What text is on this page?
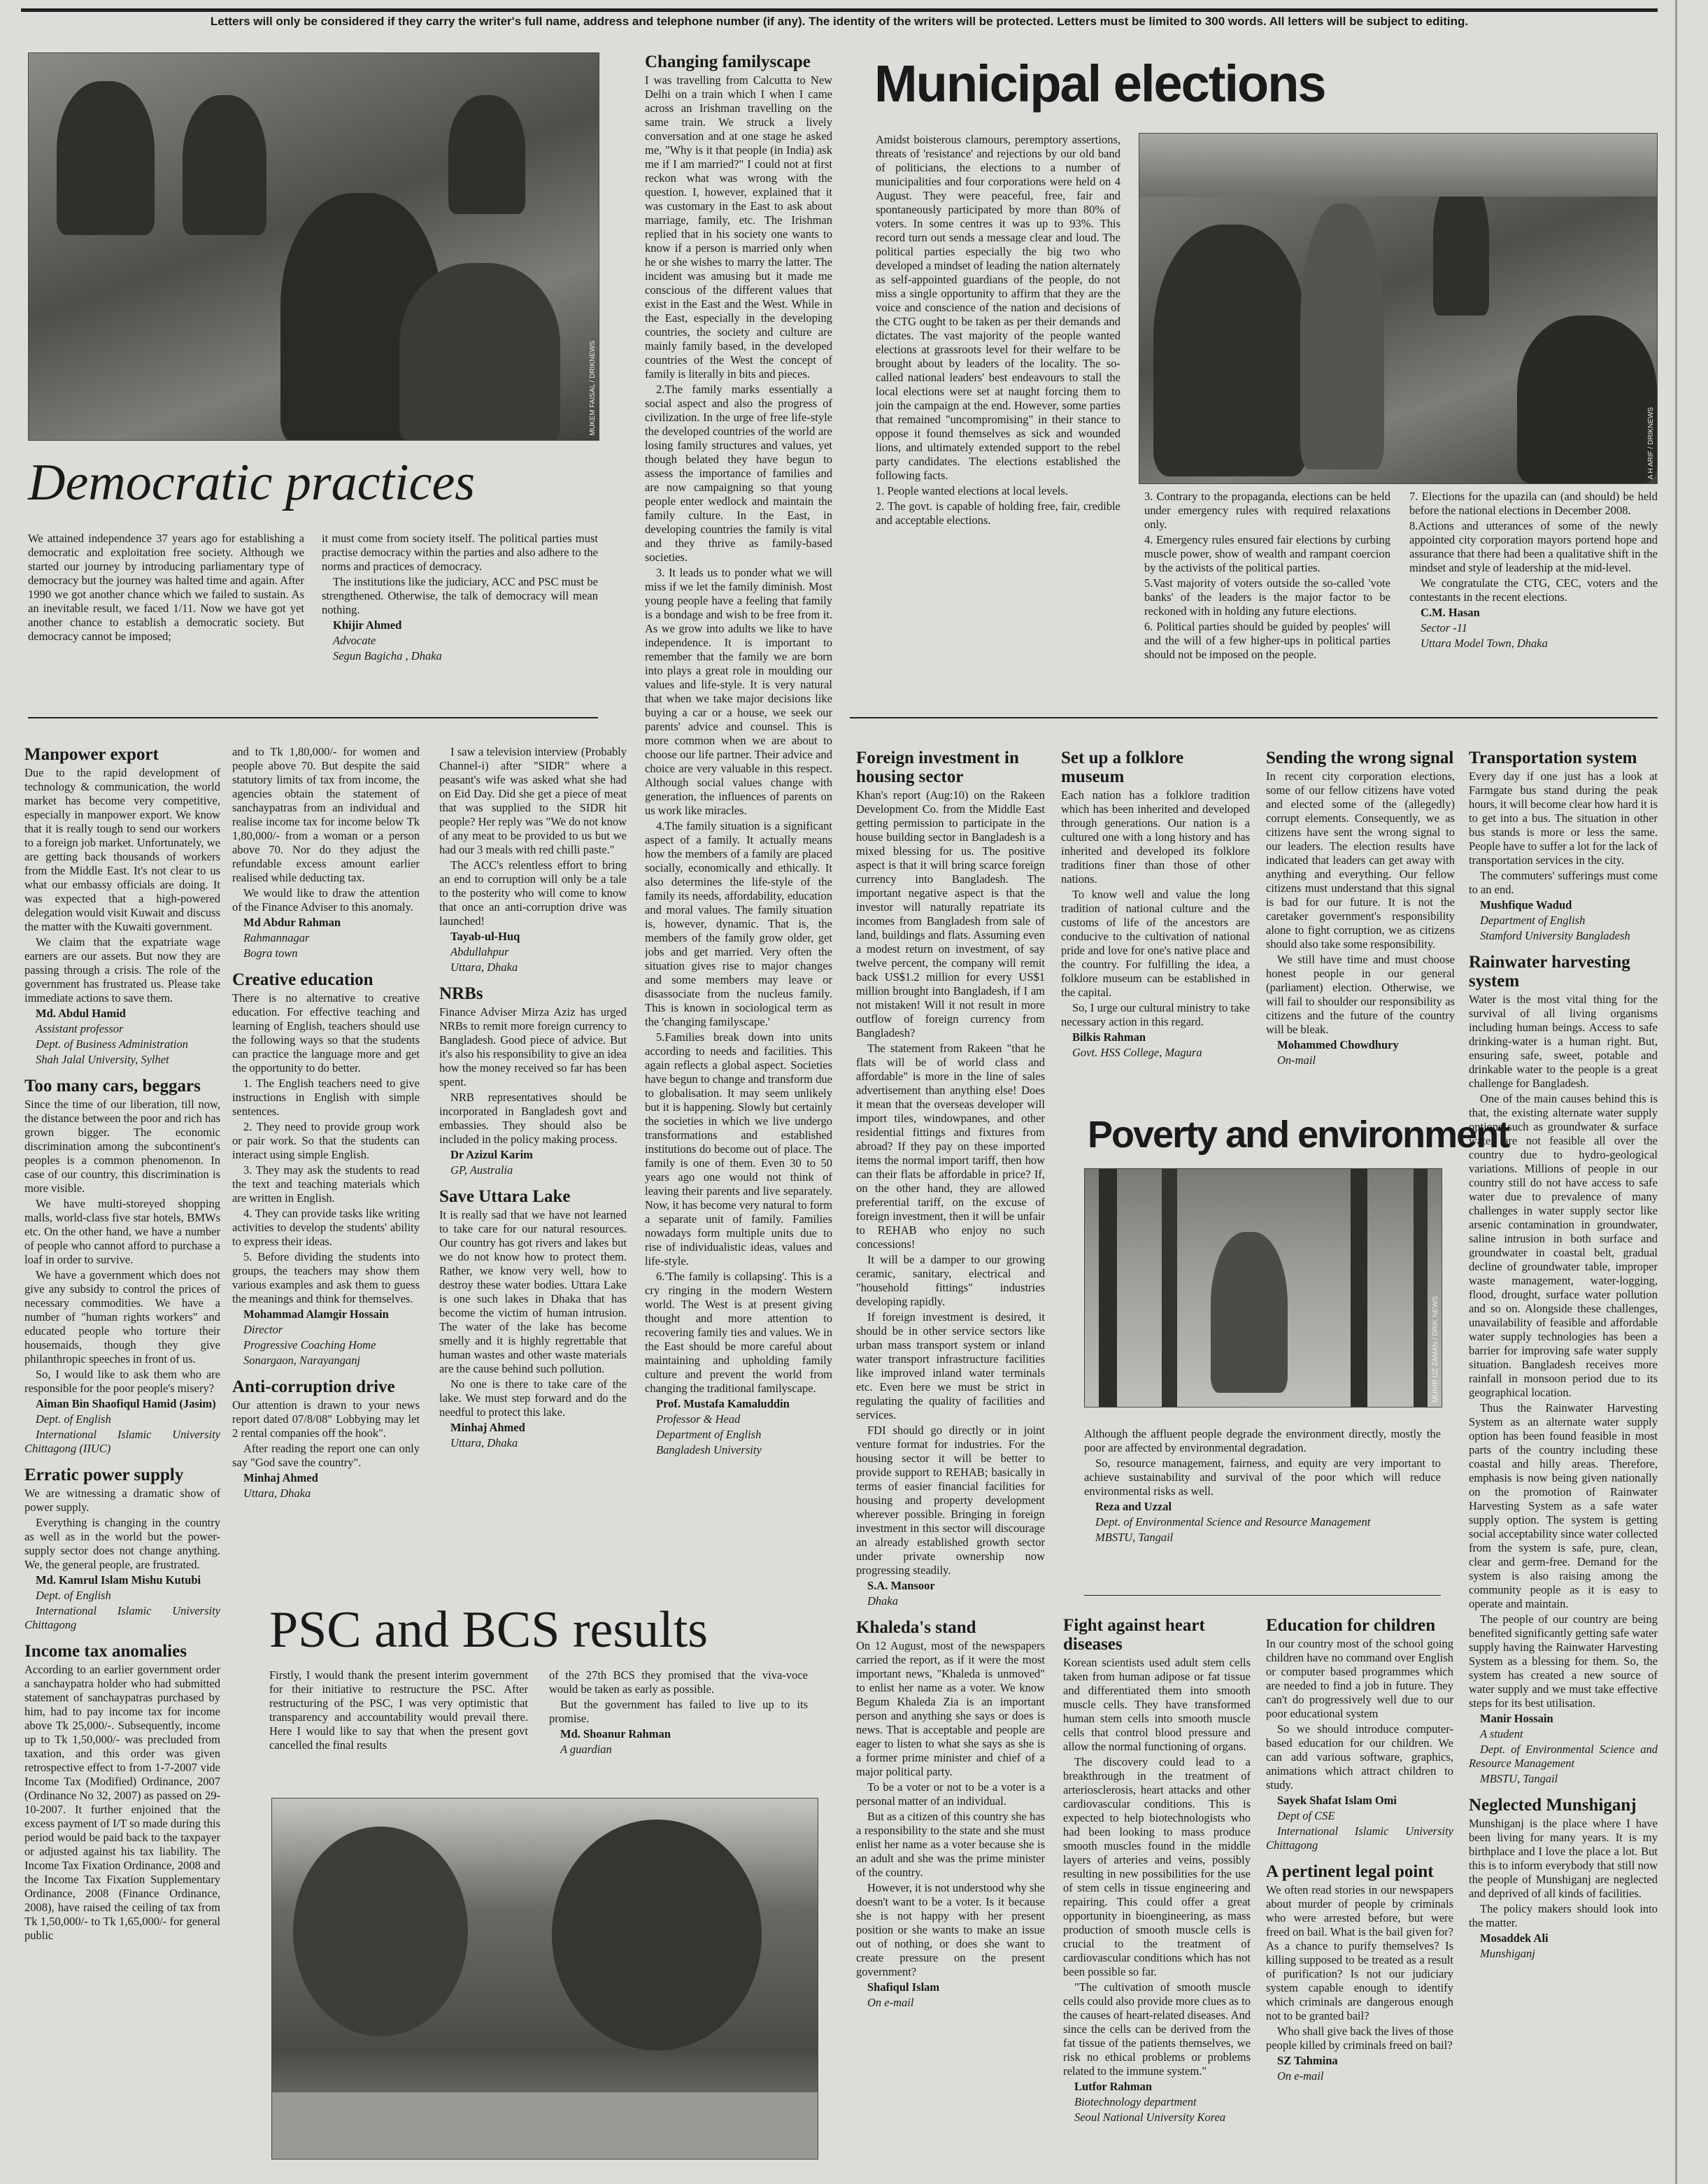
Letters will only be considered if they carry the writer's full name, address and telephone number (if any). The identity of the writers will be protected. Letters must be limited to 300 words. All letters will be subject to editing.
MUKEM FAISAL / DRIKNEWS
Democratic practices

We attained independence 37 years ago for establishing a democratic and exploitation free society. Although we started our journey by introducing parliamentary type of democracy but the journey was halted time and again. After 1990 we got another chance which we failed to sustain. As an inevitable result, we faced 1/11. Now we have got yet another chance to establish a democratic society. But democracy cannot be imposed;

it must come from society itself. The political parties must practise democracy within the parties and also adhere to the norms and practices of democracy.

The institutions like the judiciary, ACC and PSC must be strengthened. Otherwise, the talk of democracy will mean nothing.

Khijir Ahmed

Advocate

Segun Bagicha , Dhaka

Changing familyscape

I was travelling from Calcutta to New Delhi on a train which I when I came across an Irishman travelling on the same train. We struck a lively conversation and at one stage he asked me, "Why is it that people (in India) ask me if I am married?" I could not at first reckon what was wrong with the question. I, however, explained that it was customary in the East to ask about marriage, family, etc. The Irishman replied that in his society one wants to know if a person is married only when he or she wishes to marry the latter. The incident was amusing but it made me conscious of the different values that exist in the East and the West. While in the East, especially in the developing countries, the society and culture are mainly family based, in the developed countries of the West the concept of family is literally in bits and pieces.

2.The family marks essentially a social aspect and also the progress of civilization. In the urge of free life-style the developed countries of the world are losing family structures and values, yet though belated they have begun to assess the importance of families and are now campaigning so that young people enter wedlock and maintain the family culture. In the East, in developing countries the family is vital and they thrive as family-based societies.

3. It leads us to ponder what we will miss if we let the family diminish. Most young people have a feeling that family is a bondage and wish to be free from it. As we grow into adults we like to have independence. It is important to remember that the family we are born into plays a great role in moulding our values and life-style. It is very natural that when we take major decisions like buying a car or a house, we seek our parents' advice and counsel. This is more common when we are about to choose our life partner. Their advice and choice are very valuable in this respect. Although social values change with generation, the influences of parents on us work like miracles.

4.The family situation is a significant aspect of a family. It actually means how the members of a family are placed socially, economically and ethically. It also determines the life-style of the family its needs, affordability, education and moral values. The family situation is, however, dynamic. That is, the members of the family grow older, get jobs and get married. Very often the situation gives rise to major changes and some members may leave or disassociate from the nucleus family. This is known in sociological term as the 'changing familyscape.'

5.Families break down into units according to needs and facilities. This again reflects a global aspect. Societies have begun to change and transform due to globalisation. It may seem unlikely but it is happening. Slowly but certainly the societies in which we live undergo transformations and established institutions do become out of place. The family is one of them. Even 30 to 50 years ago one would not think of leaving their parents and live separately. Now, it has become very natural to form a separate unit of family. Families nowadays form multiple units due to rise of individualistic ideas, values and life-style.

6.'The family is collapsing'. This is a cry ringing in the modern Western world. The West is at present giving thought and more attention to recovering family ties and values. We in the East should be more careful about maintaining and upholding family culture and prevent the world from changing the traditional familyscape.

Prof. Mustafa Kamaluddin

Professor & Head

Department of English

Bangladesh University

Municipal elections
A H ARIF / DRIKNEWS

Amidst boisterous clamours, peremptory assertions, threats of 'resistance' and rejections by our old band of politicians, the elections to a number of municipalities and four corporations were held on 4 August. They were peaceful, free, fair and spontaneously participated by more than 80% of voters. In some centres it was up to 93%. This record turn out sends a message clear and loud. The political parties especially the big two who developed a mindset of leading the nation alternately as self-appointed guardians of the people, do not miss a single opportunity to affirm that they are the voice and conscience of the nation and decisions of the CTG ought to be taken as per their demands and dictates. The vast majority of the people wanted elections at grassroots level for their welfare to be brought about by leaders of the locality. The so-called national leaders' best endeavours to stall the local elections were set at naught forcing them to join the campaign at the end. However, some parties that remained "uncompromising" in their stance to oppose it found themselves as sick and wounded lions, and ultimately extended support to the rebel party candidates. The elections established the following facts.

1. People wanted elections at local levels.

2. The govt. is capable of holding free, fair, credible and acceptable elections.

3. Contrary to the propaganda, elections can be held under emergency rules with required relaxations only.

4. Emergency rules ensured fair elections by curbing muscle power, show of wealth and rampant coercion by the activists of the political parties.

5.Vast majority of voters outside the so-called 'vote banks' of the leaders is the major factor to be reckoned with in holding any future elections.

6. Political parties should be guided by peoples' will and the will of a few higher-ups in political parties should not be imposed on the people.

7. Elections for the upazila can (and should) be held before the national elections in December 2008.

8.Actions and utterances of some of the newly appointed city corporation mayors portend hope and assurance that there had been a qualitative shift in the mindset and style of leadership at the mid-level.

We congratulate the CTG, CEC, voters and the contestants in the recent elections.

C.M. Hasan

Sector -11

Uttara Model Town, Dhaka

Manpower export

Due to the rapid development of technology & communication, the world market has become very competitive, especially in manpower export. We know that it is really tough to send our workers to a foreign job market. Unfortunately, we are getting back thousands of workers from the Middle East. It's not clear to us what our embassy officials are doing. It was expected that a high-powered delegation would visit Kuwait and discuss the matter with the Kuwaiti government.

We claim that the expatriate wage earners are our assets. But now they are passing through a crisis. The role of the government has frustrated us. Please take immediate actions to save them.

Md. Abdul Hamid

Assistant professor

Dept. of Business Administration

Shah Jalal University, Sylhet

Too many cars, beggars

Since the time of our liberation, till now, the distance between the poor and rich has grown bigger. The economic discrimination among the subcontinent's peoples is a common phenomenon. In case of our country, this discrimination is more visible.

We have multi-storeyed shopping malls, world-class five star hotels, BMWs etc. On the other hand, we have a number of people who cannot afford to purchase a loaf in order to survive.

We have a government which does not give any subsidy to control the prices of necessary commodities. We have a number of "human rights workers" and educated people who torture their housemaids, though they give philanthropic speeches in front of us.

So, I would like to ask them who are responsible for the poor people's misery?

Aiman Bin Shaofiqul Hamid (Jasim)

Dept. of English

International Islamic University Chittagong (IIUC)

Erratic power supply

We are witnessing a dramatic show of power supply.

Everything is changing in the country as well as in the world but the power-supply sector does not change anything. We, the general people, are frustrated.

Md. Kamrul Islam Mishu Kutubi

Dept. of English

International Islamic University Chittagong

Income tax anomalies

According to an earlier government order a sanchaypatra holder who had submitted statement of sanchaypatras purchased by him, had to pay income tax for income above Tk 25,000/-. Subsequently, income up to Tk 1,50,000/- was precluded from taxation, and this order was given retrospective effect to from 1-7-2007 vide Income Tax (Modified) Ordinance, 2007 (Ordinance No 32, 2007) as passed on 29-10-2007. It further enjoined that the excess payment of I/T so made during this period would be paid back to the taxpayer or adjusted against his tax liability. The Income Tax Fixation Ordinance, 2008 and the Income Tax Fixation Supplementary Ordinance, 2008 (Finance Ordinance, 2008), have raised the ceiling of tax from Tk 1,50,000/- to Tk 1,65,000/- for general public

and to Tk 1,80,000/- for women and people above 70. But despite the said statutory limits of tax from income, the agencies obtain the statement of sanchaypatras from an individual and realise income tax for income below Tk 1,80,000/- from a woman or a person above 70. Nor do they adjust the refundable excess amount earlier realised while deducting tax.

We would like to draw the attention of the Finance Adviser to this anomaly.

Md Abdur Rahman

Rahmannagar

Bogra town

Creative education

There is no alternative to creative education. For effective teaching and learning of English, teachers should use the following ways so that the students can practice the language more and get the opportunity to do better.

1. The English teachers need to give instructions in English with simple sentences.

2. They need to provide group work or pair work. So that the students can interact using simple English.

3. They may ask the students to read the text and teaching materials which are written in English.

4. They can provide tasks like writing activities to develop the students' ability to express their ideas.

5. Before dividing the students into groups, the teachers may show them various examples and ask them to guess the meanings and think for themselves.

Mohammad Alamgir Hossain

Director

Progressive Coaching Home

Sonargaon, Narayanganj

Anti-corruption drive

Our attention is drawn to your news report dated 07/8/08" Lobbying may let 2 rental companies off the hook".

After reading the report one can only say "God save the country".

Minhaj Ahmed

Uttara, Dhaka

I saw a television interview (Probably Channel-i) after "SIDR" where a peasant's wife was asked what she had on Eid Day. Did she get a piece of meat that was supplied to the SIDR hit people? Her reply was "We do not know of any meat to be provided to us but we had our 3 meals with red chilli paste."

The ACC's relentless effort to bring an end to corruption will only be a tale to the posterity who will come to know that once an anti-corruption drive was launched!

Tayab-ul-Huq

Abdullahpur

Uttara, Dhaka

NRBs

Finance Adviser Mirza Aziz has urged NRBs to remit more foreign currency to Bangladesh. Good piece of advice. But it's also his responsibility to give an idea how the money received so far has been spent.

NRB representatives should be incorporated in Bangladesh govt and embassies. They should also be included in the policy making process.

Dr Azizul Karim

GP, Australia

Save Uttara Lake

It is really sad that we have not learned to take care for our natural resources. Our country has got rivers and lakes but we do not know how to protect them. Rather, we know very well, how to destroy these water bodies. Uttara Lake is one such lakes in Dhaka that has become the victim of human intrusion. The water of the lake has become smelly and it is highly regrettable that human wastes and other waste materials are the cause behind such pollution.

No one is there to take care of the lake. We must step forward and do the needful to protect this lake.

Minhaj Ahmed

Uttara, Dhaka

PSC and BCS results

Firstly, I would thank the present interim government for their initiative to restructure the PSC. After restructuring of the PSC, I was very optimistic that transparency and accountability would prevail there. Here I would like to say that when the present govt cancelled the final results

of the 27th BCS they promised that the viva-voce would be taken as early as possible.

But the government has failed to live up to its promise.

Md. Shoanur Rahman

A guardian

Foreign investment in housing sector

Khan's report (Aug:10) on the Rakeen Development Co. from the Middle East getting permission to participate in the house building sector in Bangladesh is a mixed blessing for us. The positive aspect is that it will bring scarce foreign currency into Bangladesh. The important negative aspect is that the investor will naturally repatriate its incomes from Bangladesh from sale of land, buildings and flats. Assuming even a modest return on investment, of say twelve percent, the company will remit back US$1.2 million for every US$1 million brought into Bangladesh, if I am not mistaken! Will it not result in more outflow of foreign currency from Bangladesh?

The statement from Rakeen "that he flats will be of world class and affordable" is more in the line of sales advertisement than anything else! Does it mean that the overseas developer will import tiles, windowpanes, and other residential fittings and fixtures from abroad? If they pay on these imported items the normal import tariff, then how can their flats be affordable in price? If, on the other hand, they are allowed preferential tariff, on the excuse of foreign investment, then it will be unfair to REHAB who enjoy no such concessions!

It will be a damper to our growing ceramic, sanitary, electrical and "household fittings" industries developing rapidly.

If foreign investment is desired, it should be in other service sectors like urban mass transport system or inland water transport infrastructure facilities like improved inland water terminals etc. Even here we must be strict in regulating the quality of facilities and services.

FDI should go directly or in joint venture format for industries. For the housing sector it will be better to provide support to REHAB; basically in terms of easier financial facilities for housing and property development wherever possible. Bringing in foreign investment in this sector will discourage an already established growth sector under private ownership now progressing steadily.

S.A. Mansoor

Dhaka

Khaleda's stand

On 12 August, most of the newspapers carried the report, as if it were the most important news, "Khaleda is unmoved" to enlist her name as a voter. We know Begum Khaleda Zia is an important person and anything she says or does is news. That is acceptable and people are eager to listen to what she says as she is a former prime minister and chief of a major political party.

To be a voter or not to be a voter is a personal matter of an individual.

But as a citizen of this country she has a responsibility to the state and she must enlist her name as a voter because she is an adult and she was the prime minister of the country.

However, it is not understood why she doesn't want to be a voter. Is it because she is not happy with her present position or she wants to make an issue out of nothing, or does she want to create pressure on the present government?

Shafiqul Islam

On e-mail

Set up a folklore museum

Each nation has a folklore tradition which has been inherited and developed through generations. Our nation is a cultured one with a long history and has inherited and developed its folklore traditions finer than those of other nations.

To know well and value the long tradition of national culture and the customs of life of the ancestors are conducive to the cultivation of national pride and love for one's native place and the country. For fulfilling the idea, a folklore museum can be established in the capital.

So, I urge our cultural ministry to take necessary action in this regard.

Bilkis Rahman

Govt. HSS College, Magura

Sending the wrong signal

In recent city corporation elections, some of our fellow citizens have voted and elected some of the (allegedly) corrupt elements. Consequently, we as citizens have sent the wrong signal to our leaders. The election results have indicated that leaders can get away with anything and everything. Our fellow citizens must understand that this signal is bad for our future. It is not the caretaker government's responsibility alone to fight corruption, we as citizens should also take some responsibility.

We still have time and must choose honest people in our general (parliament) election. Otherwise, we will fail to shoulder our responsibility as citizens and the future of the country will be bleak.

Mohammed Chowdhury

On-mail

Poverty and environment
MUNIR UZ ZAMAN / DRIK NEWS

Although the affluent people degrade the environment directly, mostly the poor are affected by environmental degradation.

So, resource management, fairness, and equity are very important to achieve sustainability and survival of the poor which will reduce environmental risks as well.

Reza and Uzzal

Dept. of Environmental Science and Resource Management

MBSTU, Tangail

Fight against heart diseases

Korean scientists used adult stem cells taken from human adipose or fat tissue and differentiated them into smooth muscle cells. They have transformed human stem cells into smooth muscle cells that control blood pressure and allow the normal functioning of organs.

The discovery could lead to a breakthrough in the treatment of arteriosclerosis, heart attacks and other cardiovascular conditions. This is expected to help biotechnologists who had been looking to mass produce smooth muscles found in the middle layers of arteries and veins, possibly resulting in new possibilities for the use of stem cells in tissue engineering and repairing. This could offer a great opportunity in bioengineering, as mass production of smooth muscle cells is crucial to the treatment of cardiovascular conditions which has not been possible so far.

"The cultivation of smooth muscle cells could also provide more clues as to the causes of heart-related diseases. And since the cells can be derived from the fat tissue of the patients themselves, we risk no ethical problems or problems related to the immune system."

Lutfor Rahman

Biotechnology department

Seoul National University Korea

Education for children

In our country most of the school going children have no command over English or computer based programmes which are needed to find a job in future. They can't do progressively well due to our poor educational system

So we should introduce computer-based education for our children. We can add various software, graphics, animations which attract children to study.

Sayek Shafat Islam Omi

Dept of CSE

International Islamic University Chittagong

A pertinent legal point

We often read stories in our newspapers about murder of people by criminals who were arrested before, but were freed on bail. What is the bail given for? As a chance to purify themselves? Is killing supposed to be treated as a result of purification? Is not our judiciary system capable enough to identify which criminals are dangerous enough not to be granted bail?

Who shall give back the lives of those people killed by criminals freed on bail?

SZ Tahmina

On e-mail

Transportation system

Every day if one just has a look at Farmgate bus stand during the peak hours, it will become clear how hard it is to get into a bus. The situation in other bus stands is more or less the same. People have to suffer a lot for the lack of transportation services in the city.

The commuters' sufferings must come to an end.

Mushfique Wadud

Department of English

Stamford University Bangladesh

Rainwater harvesting system

Water is the most vital thing for the survival of all living organisms including human beings. Access to safe drinking-water is a human right. But, ensuring safe, sweet, potable and drinkable water to the people is a great challenge for Bangladesh.

One of the main causes behind this is that, the existing alternate water supply options such as groundwater & surface water are not feasible all over the country due to hydro-geological variations. Millions of people in our country still do not have access to safe water due to prevalence of many challenges in water supply sector like arsenic contamination in groundwater, saline intrusion in both surface and groundwater in coastal belt, gradual decline of groundwater table, improper waste management, water-logging, flood, drought, surface water pollution and so on. Alongside these challenges, unavailability of feasible and affordable water supply technologies has been a barrier for improving safe water supply situation. Bangladesh receives more rainfall in monsoon period due to its geographical location.

Thus the Rainwater Harvesting System as an alternate water supply option has been found feasible in most parts of the country including these coastal and hilly areas. Therefore, emphasis is now being given nationally on the promotion of Rainwater Harvesting System as a safe water supply option. The system is getting social acceptability since water collected from the system is safe, pure, clean, clear and germ-free. Demand for the system is also raising among the community people as it is easy to operate and maintain.

The people of our country are being benefited significantly getting safe water supply having the Rainwater Harvesting System as a blessing for them. So, the system has created a new source of water supply and we must take effective steps for its best utilisation.

Manir Hossain

A student

Dept. of Environmental Science and Resource Management

MBSTU, Tangail

Neglected Munshiganj

Munshiganj is the place where I have been living for many years. It is my birthplace and I love the place a lot. But this is to inform everybody that still now the people of Munshiganj are neglected and deprived of all kinds of facilities.

The policy makers should look into the matter.

Mosaddek Ali

Munshiganj
